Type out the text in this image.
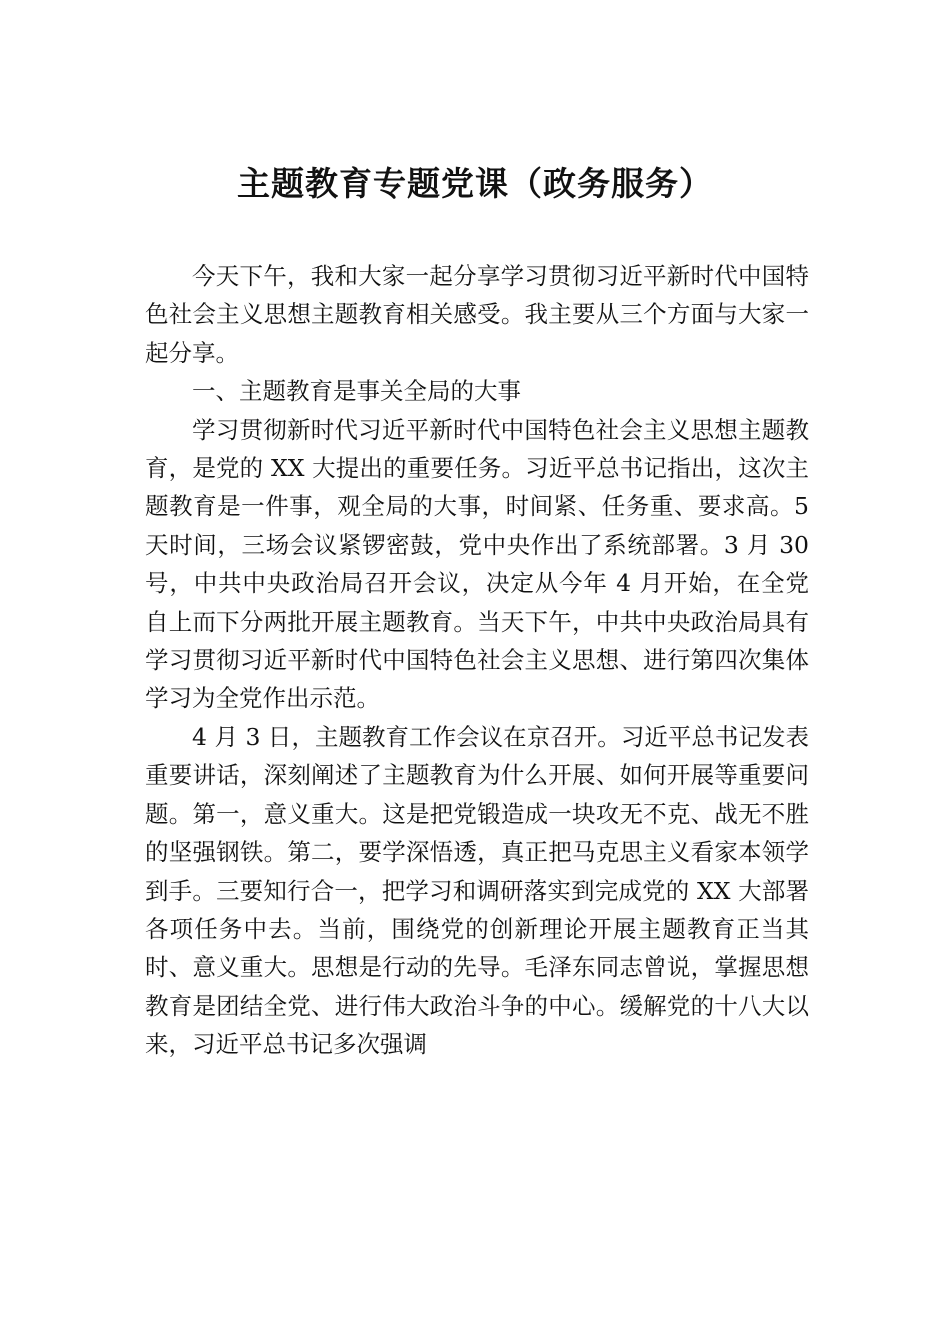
主题教育专题党课（政务服务）

今天下午，我和大家一起分享学习贯彻习近平新时代中国特色社会主义思想主题教育相关感受。我主要从三个方面与大家一起分享。

一、主题教育是事关全局的大事

学习贯彻新时代习近平新时代中国特色社会主义思想主题教育，是党的 XX 大提出的重要任务。习近平总书记指出，这次主题教育是一件事，观全局的大事，时间紧、任务重、要求高。5 天时间，三场会议紧锣密鼓，党中央作出了系统部署。3 月 30 号，中共中央政治局召开会议，决定从今年 4 月开始，在全党自上而下分两批开展主题教育。当天下午，中共中央政治局具有学习贯彻习近平新时代中国特色社会主义思想、进行第四次集体学习为全党作出示范。

4 月 3 日，主题教育工作会议在京召开。习近平总书记发表重要讲话，深刻阐述了主题教育为什么开展、如何开展等重要问题。第一，意义重大。这是把党锻造成一块攻无不克、战无不胜的坚强钢铁。第二，要学深悟透，真正把马克思主义看家本领学到手。三要知行合一，把学习和调研落实到完成党的 XX 大部署各项任务中去。当前，围绕党的创新理论开展主题教育正当其时、意义重大。思想是行动的先导。毛泽东同志曾说，掌握思想教育是团结全党、进行伟大政治斗争的中心。缓解党的十八大以来，习近平总书记多次强调
